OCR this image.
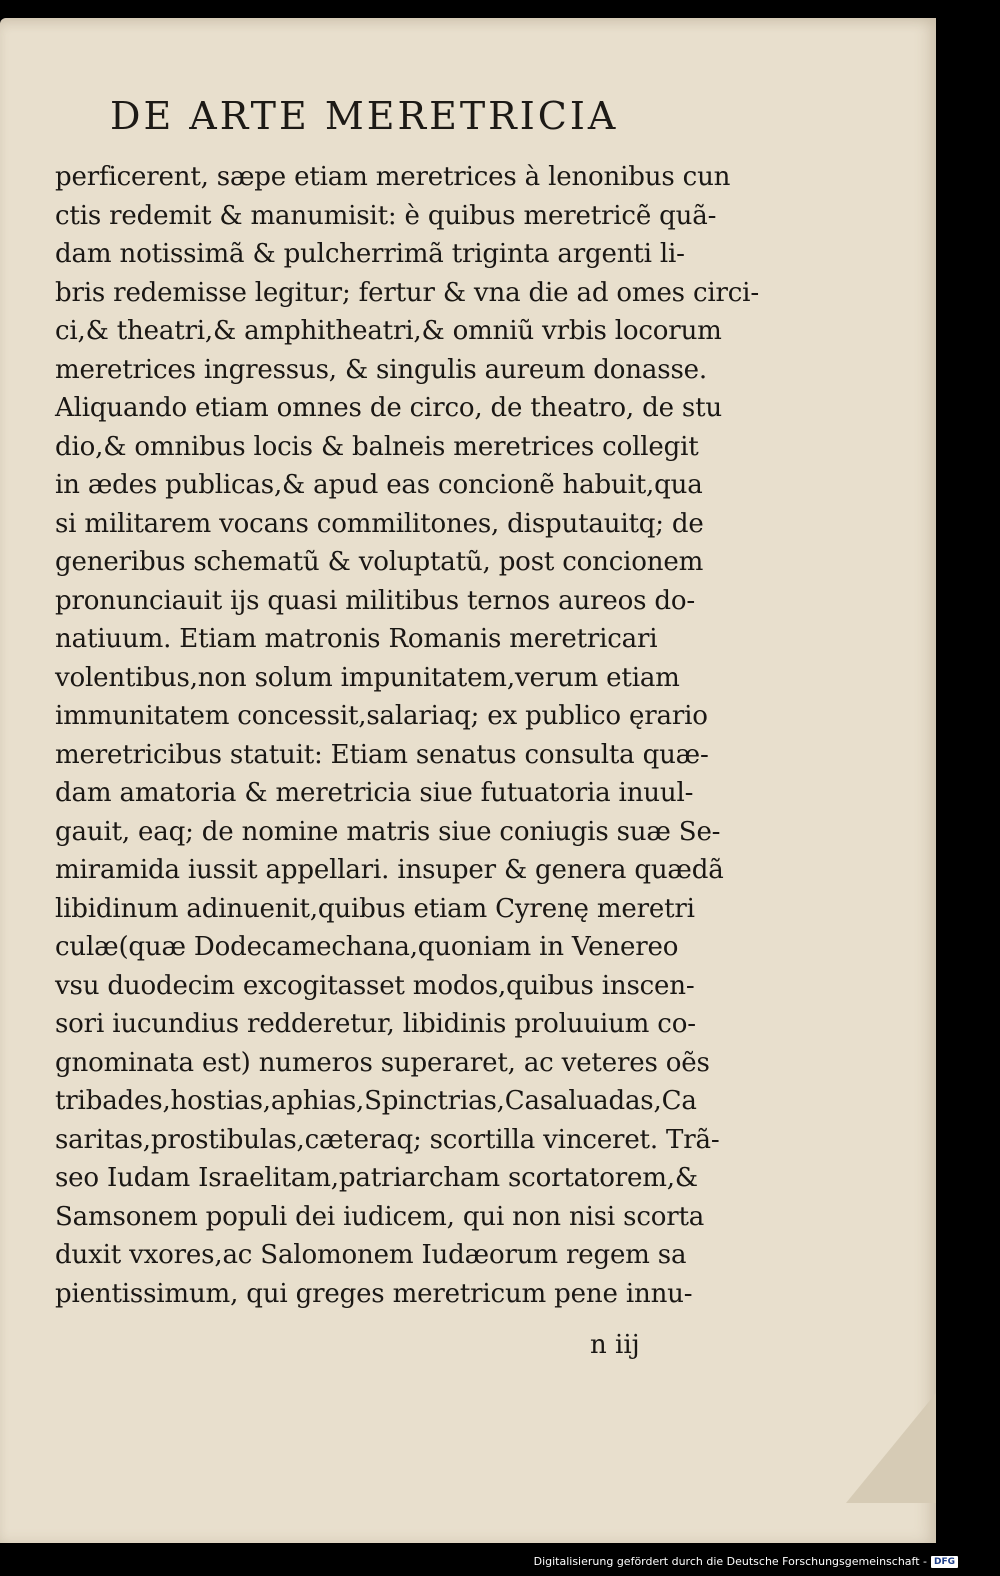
DE ARTE MERETRICIA
perficerent, sæpe etiam meretrices à lenonibus cun
ctis redemit & manumisit: è quibus meretricẽ quã-
dam notissimã & pulcherrimã triginta argenti li-
bris redemisse legitur; fertur & vna die ad omes circi-
ci,& theatri,& amphitheatri,& omniũ vrbis locorum
meretrices ingressus, & singulis aureum donasse.
Aliquando etiam omnes de circo, de theatro, de stu
dio,& omnibus locis & balneis meretrices collegit
in ædes publicas,& apud eas concionẽ habuit,qua
si militarem vocans commilitones, disputauitq; de
generibus schematũ & voluptatũ, post concionem
pronunciauit ijs quasi militibus ternos aureos do-
natiuum. Etiam matronis Romanis meretricari
volentibus,non solum impunitatem,verum etiam
immunitatem concessit,salariaq; ex publico ęrario
meretricibus statuit: Etiam senatus consulta quæ-
dam amatoria & meretricia siue futuatoria inuul-
gauit, eaq; de nomine matris siue coniugis suæ Se-
miramida iussit appellari. insuper & genera quædã
libidinum adinuenit,quibus etiam Cyrenę meretri
culæ(quæ Dodecamechana,quoniam in Venereo
vsu duodecim excogitasset modos,quibus inscen-
sori iucundius redderetur, libidinis proluuium co-
gnominata est) numeros superaret, ac veteres oẽs
tribades,hostias,aphias,Spinctrias,Casaluadas,Ca
saritas,prostibulas,cæteraq; scortilla vinceret. Trã-
seo Iudam Israelitam,patriarcham scortatorem,&
Samsonem populi dei iudicem, qui non nisi scorta
duxit vxores,ac Salomonem Iudæorum regem sa
pientissimum, qui greges meretricum pene innu-
n iij
Digitalisierung gefördert durch die Deutsche Forschungsgemeinschaft - DFG
